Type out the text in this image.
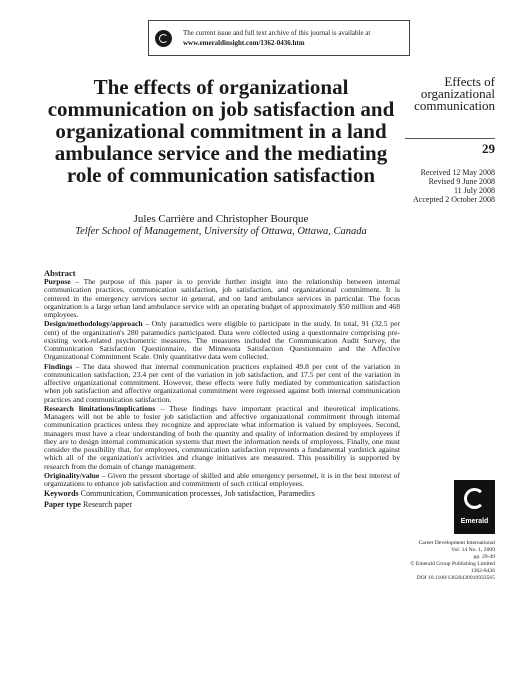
The current issue and full text archive of this journal is available at
www.emeraldinsight.com/1362-0436.htm
Effects of
organizational
communication
29
Received 12 May 2008
Revised 9 June 2008
11 July 2008
Accepted 2 October 2008
The effects of organizational communication on job satisfaction and organizational commitment in a land ambulance service and the mediating role of communication satisfaction
Jules Carrière and Christopher Bourque
Telfer School of Management, University of Ottawa, Ottawa, Canada
Abstract

Purpose – The purpose of this paper is to provide further insight into the relationship between internal communication practices, communication satisfaction, job satisfaction, and organizational commitment. It is centered in the emergency services sector in general, and on land ambulance services in particular. The focus organization is a large urban land ambulance service with an operating budget of approximately $50 million and 468 employees.

Design/methodology/approach – Only paramedics were eligible to participate in the study. In total, 91 (32.5 per cent) of the organization's 280 paramedics participated. Data were collected using a questionnaire comprising pre-existing work-related psychometric measures. The measures included the Communication Audit Survey, the Communication Satisfaction Questionnaire, the Minnesota Satisfaction Questionnaire and the Affective Organizational Commitment Scale. Only quantitative data were collected.

Findings – The data showed that internal communication practices explained 49.8 per cent of the variation in communication satisfaction, 23.4 per cent of the variation in job satisfaction, and 17.5 per cent of the variation in affective organizational commitment. However, these effects were fully mediated by communication satisfaction when job satisfaction and affective organizational commitment were regressed against both internal communication practices and communication satisfaction.

Research limitations/implications – These findings have important practical and theoretical implications. Managers will not be able to foster job satisfaction and affective organizational commitment through internal communication practices unless they recognize and appreciate what information is valued by employees. Second, managers must have a clear understanding of both the quantity and quality of information desired by employees if they are to design internal communication systems that meet the information needs of employees. Finally, one must consider the possibility that, for employees, communication satisfaction represents a fundamental yardstick against which all of the organization's activities and change initiatives are measured. This possibility is supported by research from the domain of change management.

Originality/value – Given the present shortage of skilled and able emergency personnel, it is in the best interest of organizations to enhance job satisfaction and commitment of such critical employees.

Keywords Communication, Communication processes, Job satisfaction, Paramedics
Paper type Research paper
Emerald
Career Development International
Vol. 14 No. 1, 2009
pp. 29-49
© Emerald Group Publishing Limited
1362-0436
DOI 10.1108/13620430910933565
